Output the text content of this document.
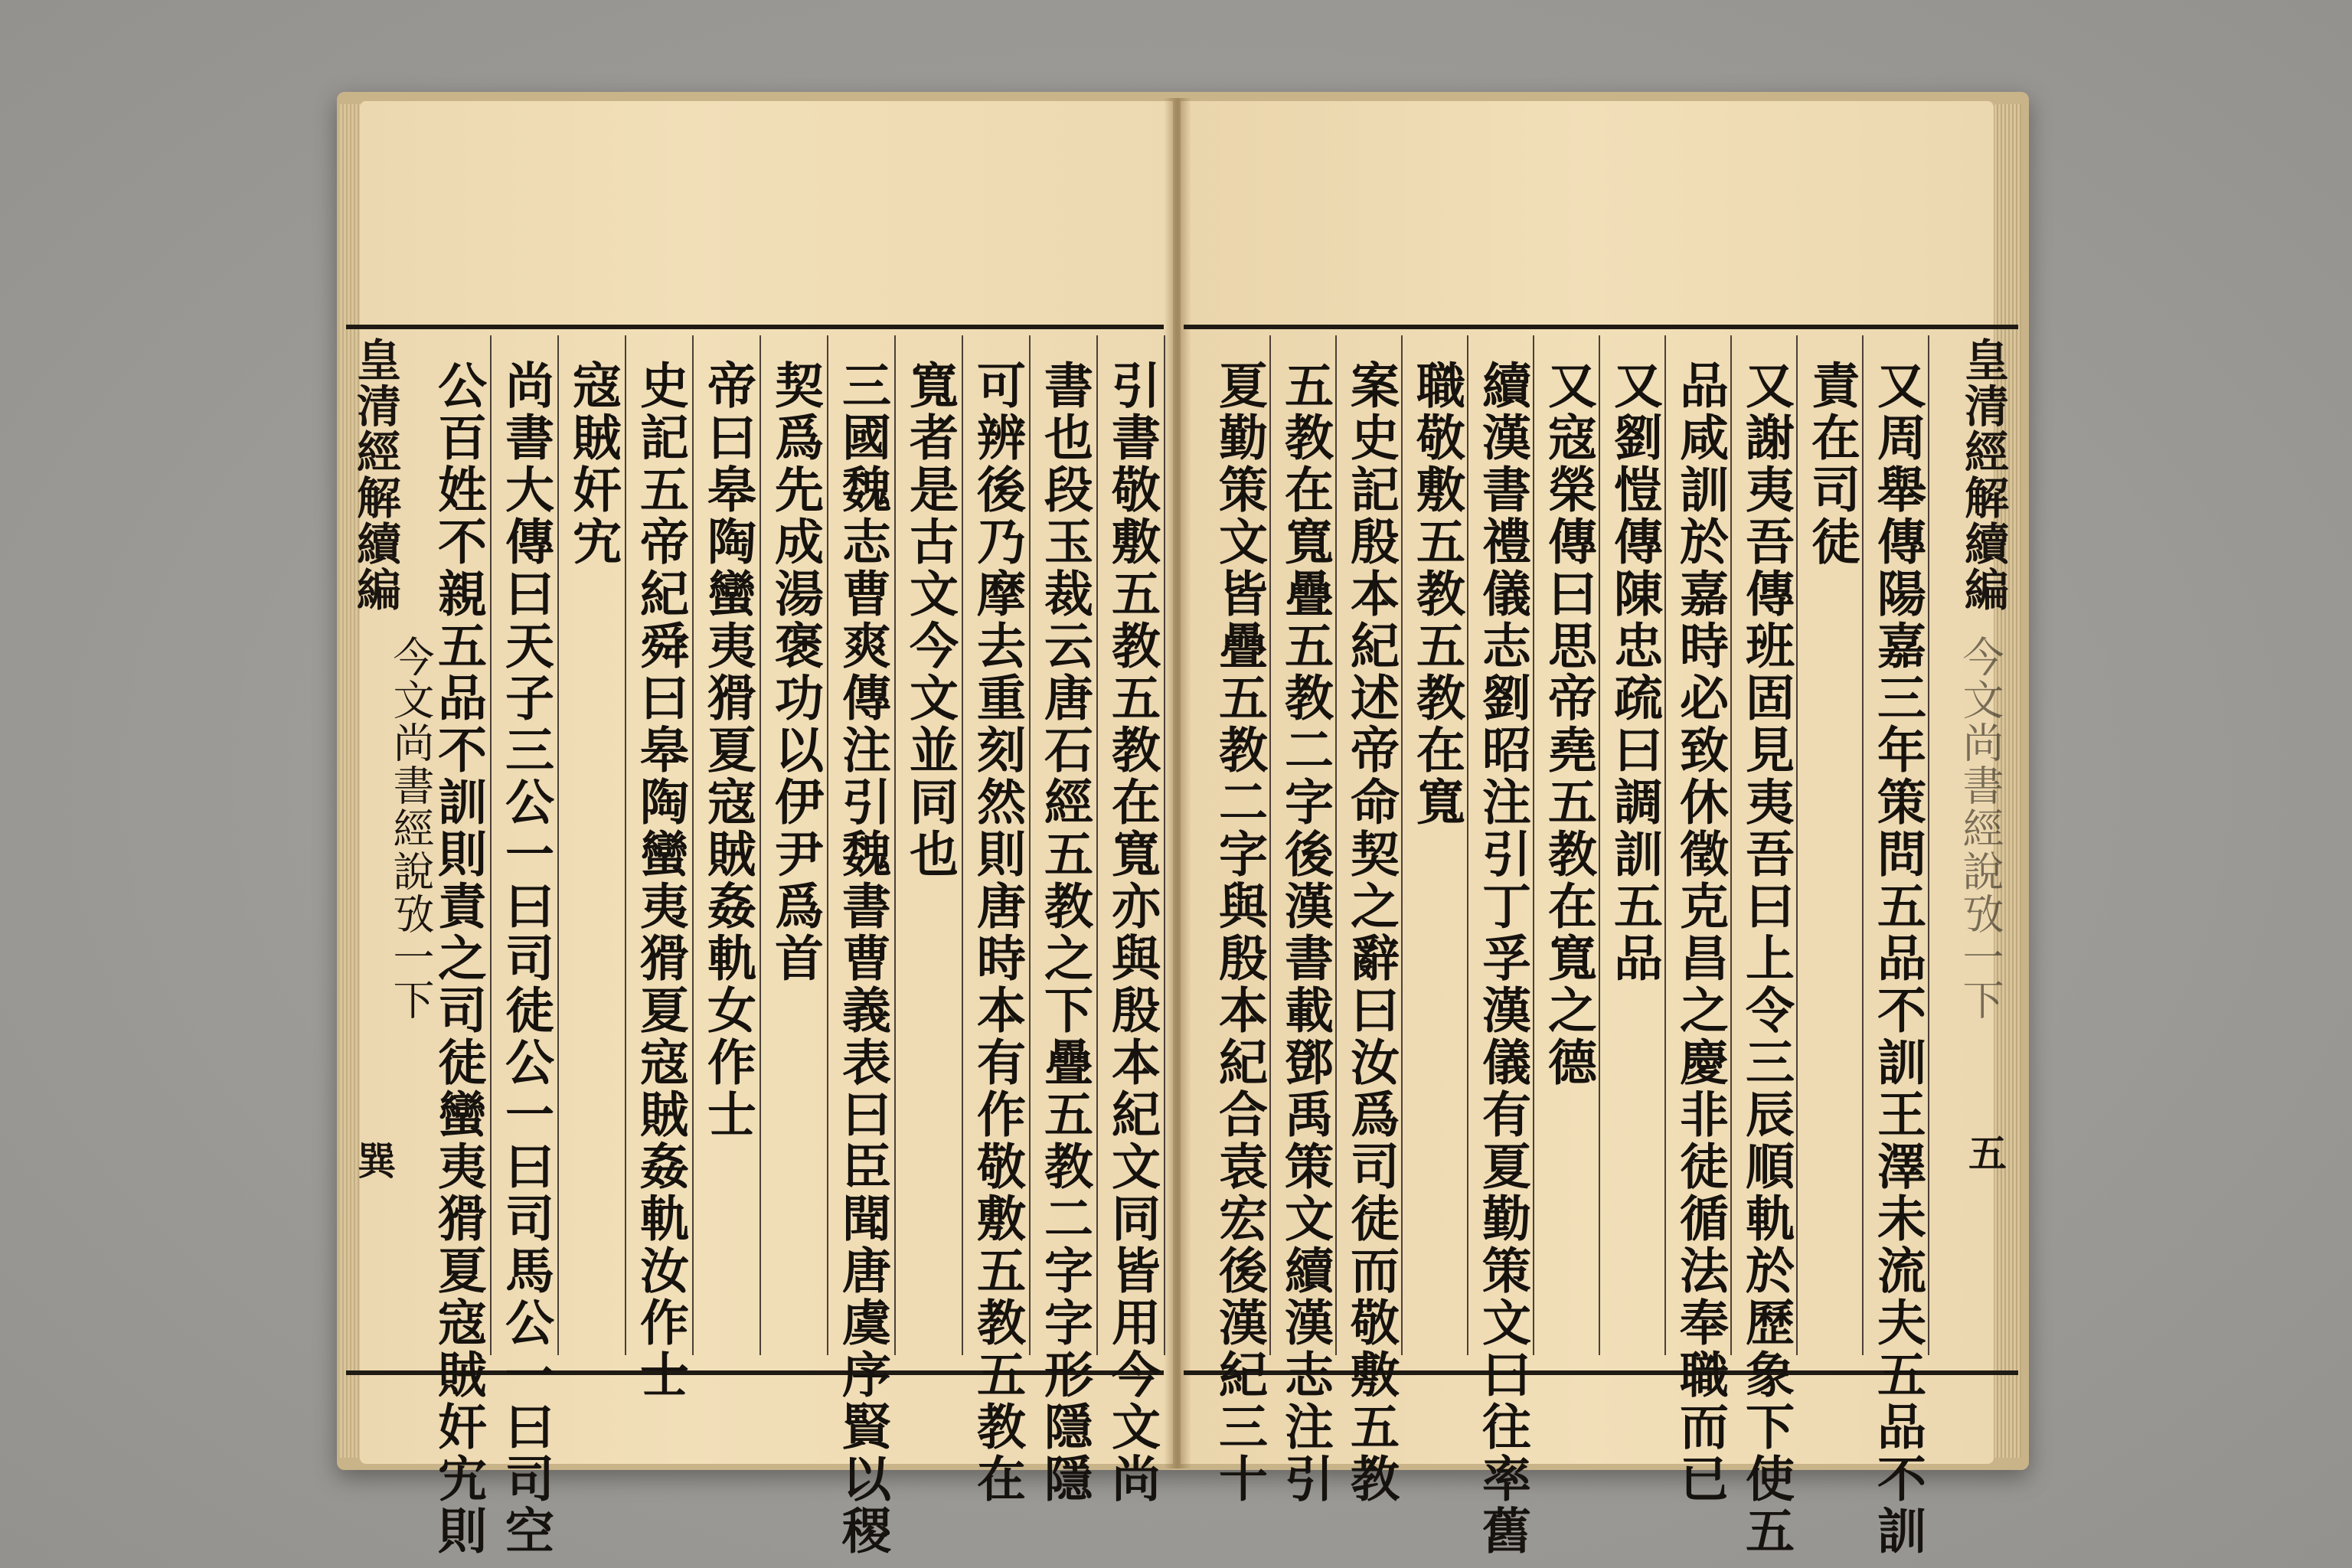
皇清經解續編
今文尚書經說攷一下
巽	引書敬敷五教五教在寬亦與殷本紀文同皆用今文尚
書也段玉裁云唐石經五教之下疊五教二字字形隱隱
可辨後乃摩去重刻然則唐時本有作敬敷五教五教在
寬者是古文今文並同也
三國魏志曹爽傳注引魏書曹義表曰臣聞唐虞序賢以稷
契爲先成湯褒功以伊尹爲首
帝曰皋陶蠻夷猾夏寇賊姦軌女作士
史記五帝紀舜曰皋陶蠻夷猾夏寇賊姦軌汝作士
寇賊奸宄
尚書大傳曰天子三公一曰司徒公一曰司馬公一曰司空
公百姓不親五品不訓則責之司徒蠻夷猾夏寇賊奸宄則	皇清經解續編
今文尚書經說攷一下
五
又周舉傳陽嘉三年策問五品不訓王澤未流夫五品不訓
責在司徒
又謝夷吾傳班固見夷吾曰上令三辰順軌於歷象下使五
品咸訓於嘉時必致休徵克昌之慶非徒循法奉職而已
又劉愷傳陳忠疏曰調訓五品
又寇榮傳曰思帝堯五教在寬之德
續漢書禮儀志劉昭注引丁孚漢儀有夏勤策文曰往率舊
職敬敷五教五教在寬
案史記殷本紀述帝命契之辭曰汝爲司徒而敬敷五教
五教在寬疊五教二字後漢書載鄧禹策文續漢志注引
夏勤策文皆疊五教二字與殷本紀合袁宏後漢紀三十
